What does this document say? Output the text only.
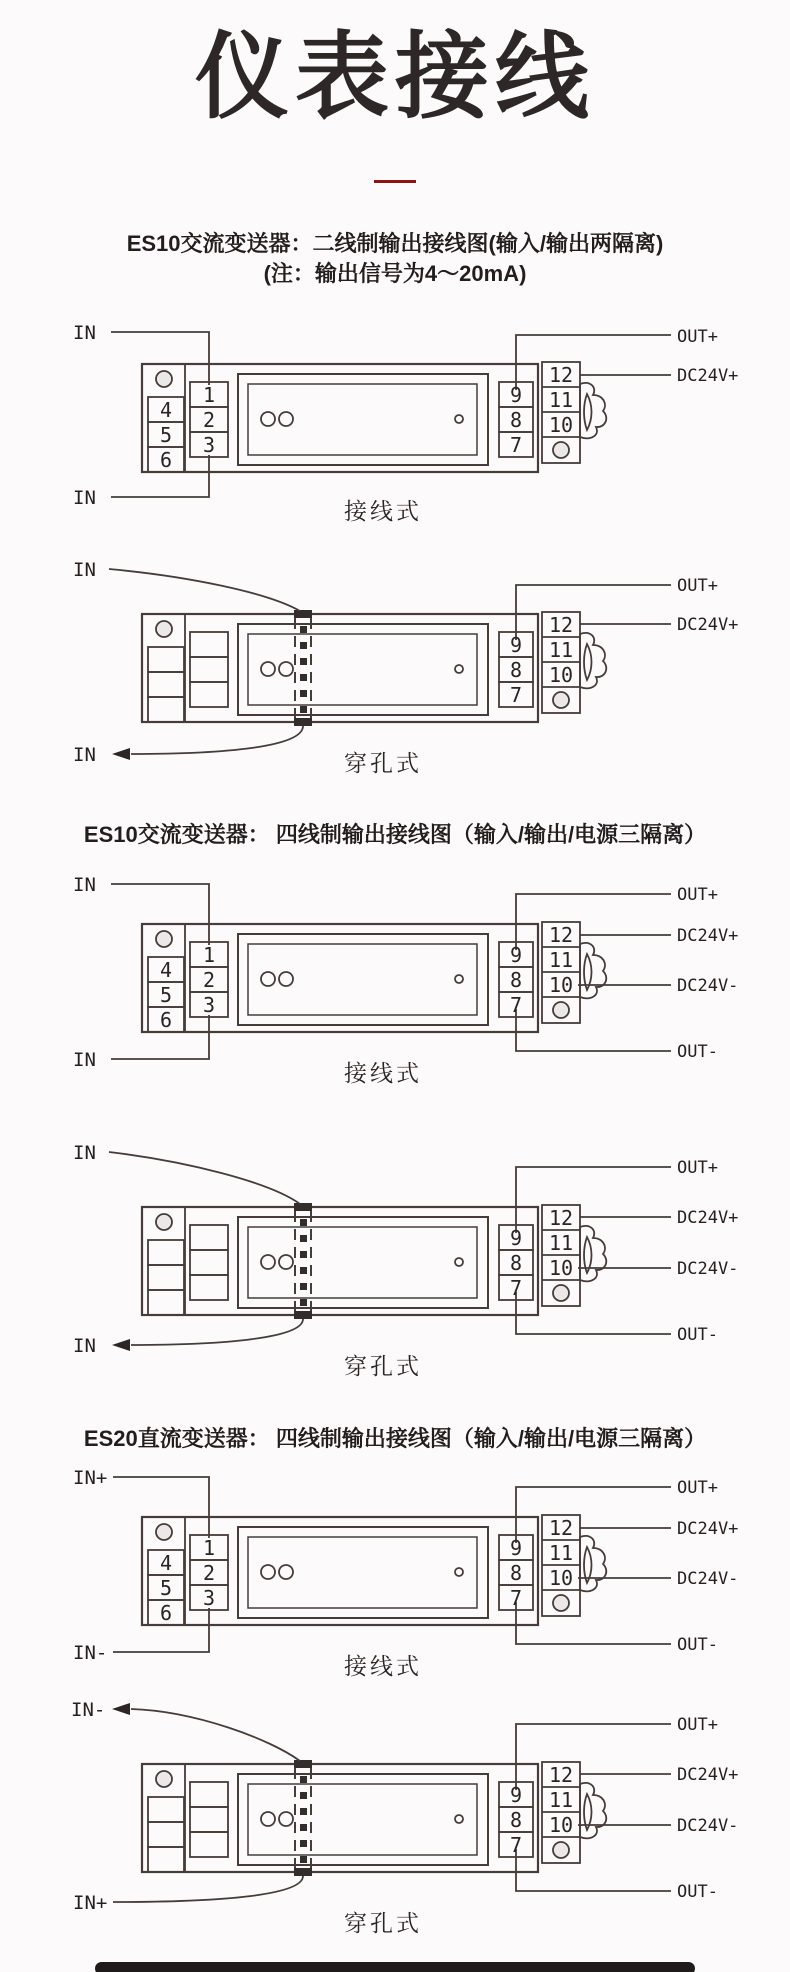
仪表接线
ES10交流变送器：二线制输出接线图(输入/输出两隔离)
(注：输出信号为4～20mA)
IN
IN
1
2
3
4
5
6
9
8
7
12
11
10
OUT+
DC24V+
接线式
IN
IN
9
8
7
12
11
10
OUT+
DC24V+
穿孔式
ES10交流变送器： 四线制输出接线图（输入/输出/电源三隔离）
IN
IN
1
2
3
4
5
6
9
8
7
12
11
10
OUT+
DC24V+
DC24V-
OUT-
接线式
IN
IN
9
8
7
12
11
10
OUT+
DC24V+
DC24V-
OUT-
穿孔式
ES20直流变送器： 四线制输出接线图（输入/输出/电源三隔离）
IN+
IN-
1
2
3
4
5
6
9
8
7
12
11
10
OUT+
DC24V+
DC24V-
OUT-
接线式
IN-
IN+
9
8
7
12
11
10
OUT+
DC24V+
DC24V-
OUT-
穿孔式
